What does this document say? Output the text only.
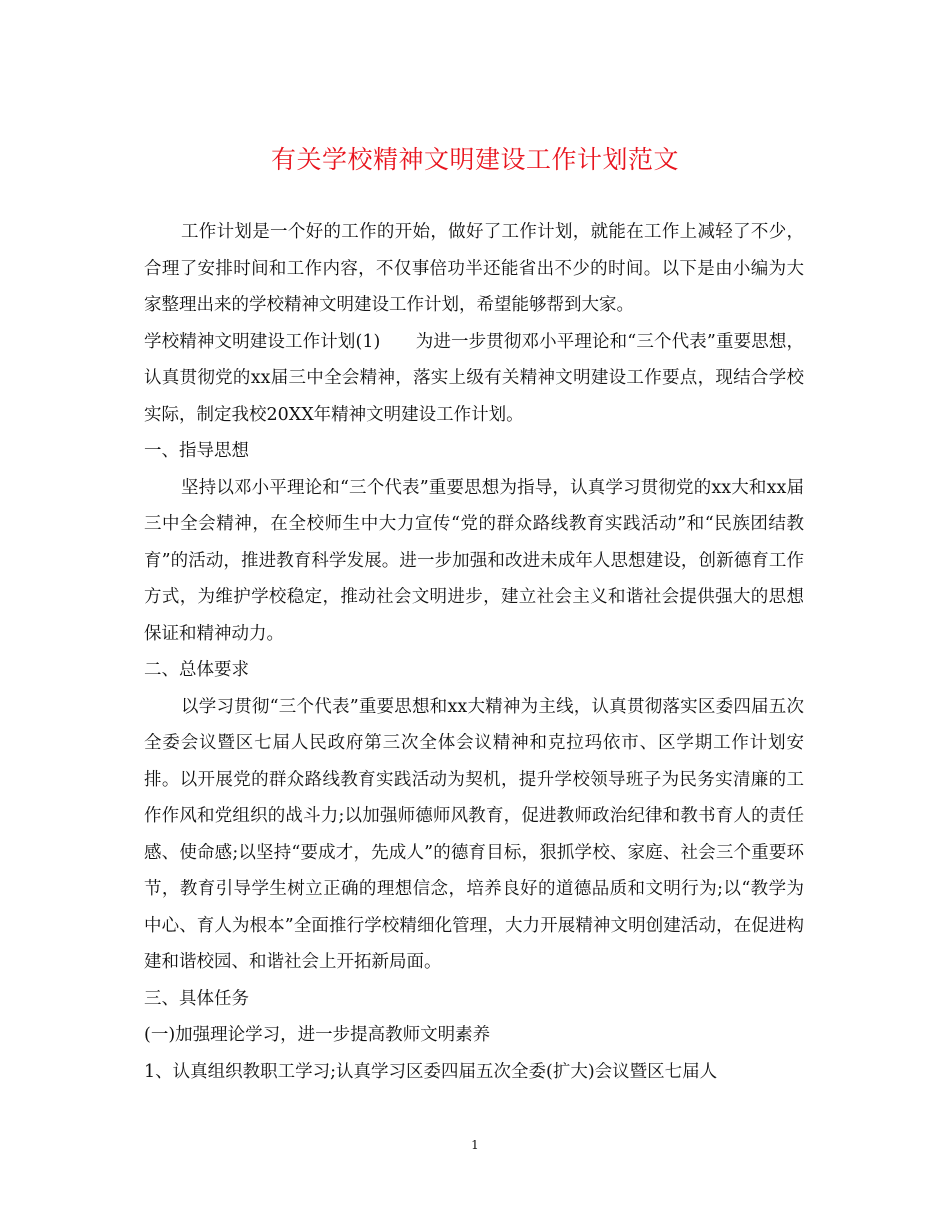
有关学校精神文明建设工作计划范文

工作计划是一个好的工作的开始，做好了工作计划，就能在工作上减轻了不少，合理了安排时间和工作内容，不仅事倍功半还能省出不少的时间。以下是由小编为大家整理出来的学校精神文明建设工作计划，希望能够帮到大家。

学校精神文明建设工作计划(1)　　为进一步贯彻邓小平理论和“三个代表”重要思想，认真贯彻党的xx届三中全会精神，落实上级有关精神文明建设工作要点，现结合学校实际，制定我校20XX年精神文明建设工作计划。

一、指导思想

坚持以邓小平理论和“三个代表”重要思想为指导，认真学习贯彻党的xx大和xx届三中全会精神，在全校师生中大力宣传“党的群众路线教育实践活动”和“民族团结教育”的活动，推进教育科学发展。进一步加强和改进未成年人思想建设，创新德育工作方式，为维护学校稳定，推动社会文明进步，建立社会主义和谐社会提供强大的思想保证和精神动力。

二、总体要求

以学习贯彻“三个代表”重要思想和xx大精神为主线，认真贯彻落实区委四届五次全委会议暨区七届人民政府第三次全体会议精神和克拉玛依市、区学期工作计划安排。以开展党的群众路线教育实践活动为契机，提升学校领导班子为民务实清廉的工作作风和党组织的战斗力;以加强师德师风教育，促进教师政治纪律和教书育人的责任感、使命感;以坚持“要成才，先成人”的德育目标，狠抓学校、家庭、社会三个重要环节，教育引导学生树立正确的理想信念，培养良好的道德品质和文明行为;以“教学为中心、育人为根本”全面推行学校精细化管理，大力开展精神文明创建活动，在促进构建和谐校园、和谐社会上开拓新局面。

三、具体任务

(一)加强理论学习，进一步提高教师文明素养

1、认真组织教职工学习;认真学习区委四届五次全委(扩大)会议暨区七届人

1
